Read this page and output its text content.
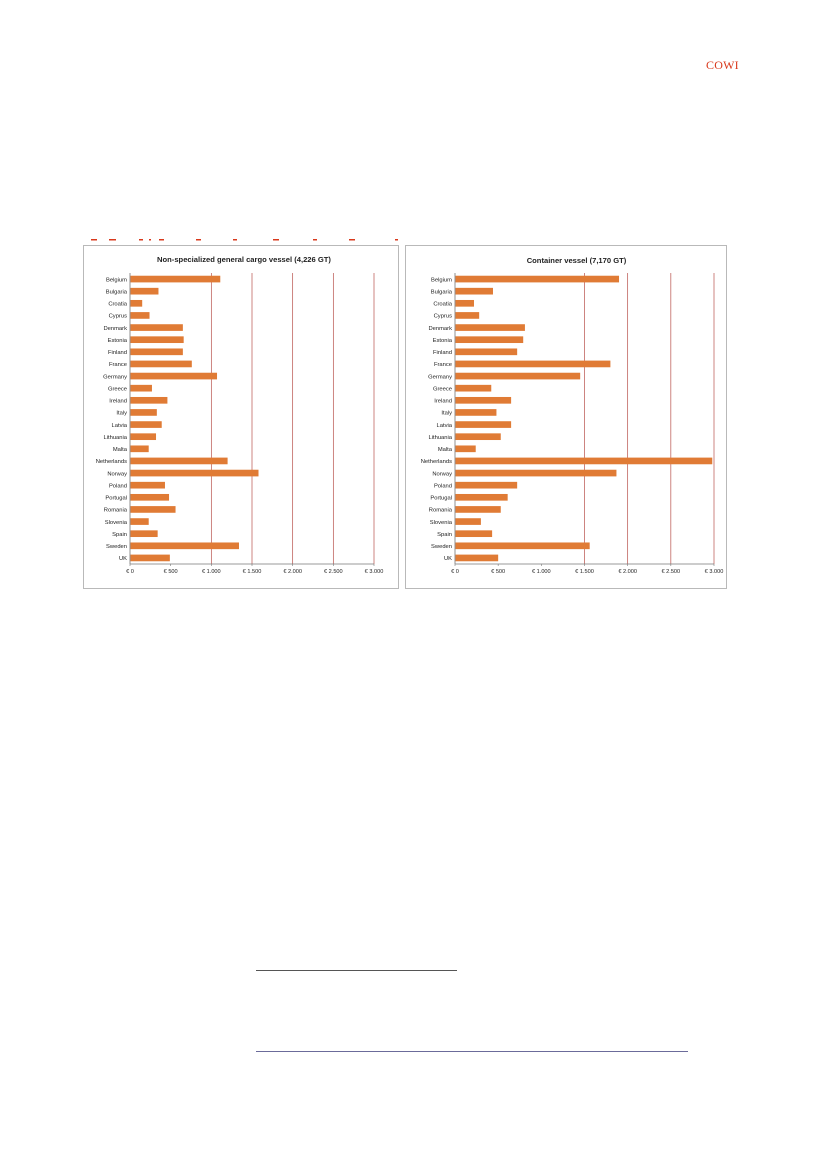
COWI
Non-specialized general cargo vessel (4,226 GT)
Belgium
Bulgaria
Croatia
Cyprus
Denmark
Estonia
Finland
France
Germany
Greece
Ireland
Italy
Latvia
Lithuania
Malta
Netherlands
Norway
Poland
Portugal
Romania
Slovenia
Spain
Sweden
UK
€ 0	€ 500	€ 1.000	€ 1.500	€ 2.000	€ 2.500	€ 3.000
Container vessel (7,170 GT)
Belgium
Bulgaria
Croatia
Cyprus
Denmark
Estonia
Finland
France
Germany
Greece
Ireland
Italy
Latvia
Lithuania
Malta
Netherlands
Norway
Poland
Portugal
Romania
Slovenia
Spain
Sweden
UK
€ 0	€ 500	€ 1.000	€ 1.500	€ 2.000	€ 2.500	€ 3.000
